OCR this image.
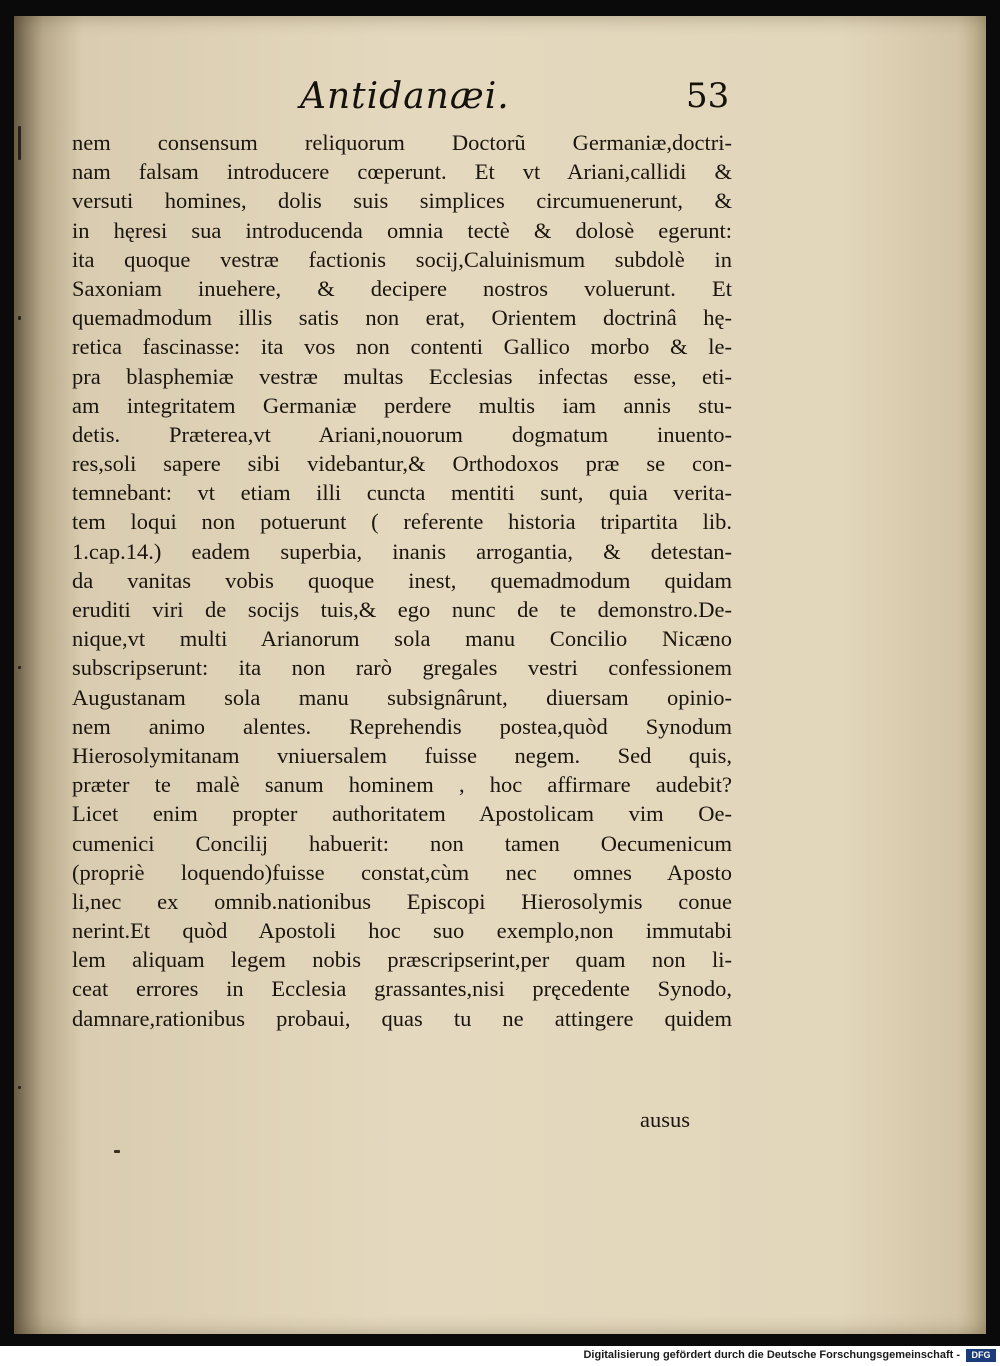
Antidanæi.	53
nem consensum reliquorum Doctorũ Germaniæ,doctri-
nam falsam introducere cœperunt. Et vt Ariani,callidi &
versuti homines, dolis suis simplices circumuenerunt, &
in hęresi sua introducenda omnia tectè & dolosè egerunt:
ita quoque vestræ factionis socij,Caluinismum subdolè in
Saxoniam inuehere, & decipere nostros voluerunt. Et
quemadmodum illis satis non erat, Orientem doctrinâ hę-
retica fascinasse: ita vos non contenti Gallico morbo & le-
pra blasphemiæ vestræ multas Ecclesias infectas esse, eti-
am integritatem Germaniæ perdere multis iam annis stu-
detis. Præterea,vt Ariani,nouorum dogmatum inuento-
res,soli sapere sibi videbantur,& Orthodoxos præ se con-
temnebant: vt etiam illi cuncta mentiti sunt, quia verita-
tem loqui non potuerunt ( referente historia tripartita lib.
1.cap.14.) eadem superbia, inanis arrogantia, & detestan-
da vanitas vobis quoque inest, quemadmodum quidam
eruditi viri de socijs tuis,& ego nunc de te demonstro.De-
nique,vt multi Arianorum sola manu Concilio Nicæno
subscripserunt: ita non rarò gregales vestri confessionem
Augustanam sola manu subsignârunt, diuersam opinio-
nem animo alentes. Reprehendis postea,quòd Synodum
Hierosolymitanam vniuersalem fuisse negem. Sed quis,
præter te malè sanum hominem , hoc affirmare audebit?
Licet enim propter authoritatem Apostolicam vim Oe-
cumenici Concilij habuerit: non tamen Oecumenicum
(propriè loquendo)fuisse constat,cùm nec omnes Aposto
li,nec ex omnib.nationibus Episcopi Hierosolymis conue
nerint.Et quòd Apostoli hoc suo exemplo,non immutabi
lem aliquam legem nobis præscripserint,per quam non li-
ceat errores in Ecclesia grassantes,nisi pręcedente Synodo,
damnare,rationibus probaui, quas tu ne attingere quidem
ausus
Digitalisierung gefördert durch die Deutsche Forschungsgemeinschaft -	DFG
